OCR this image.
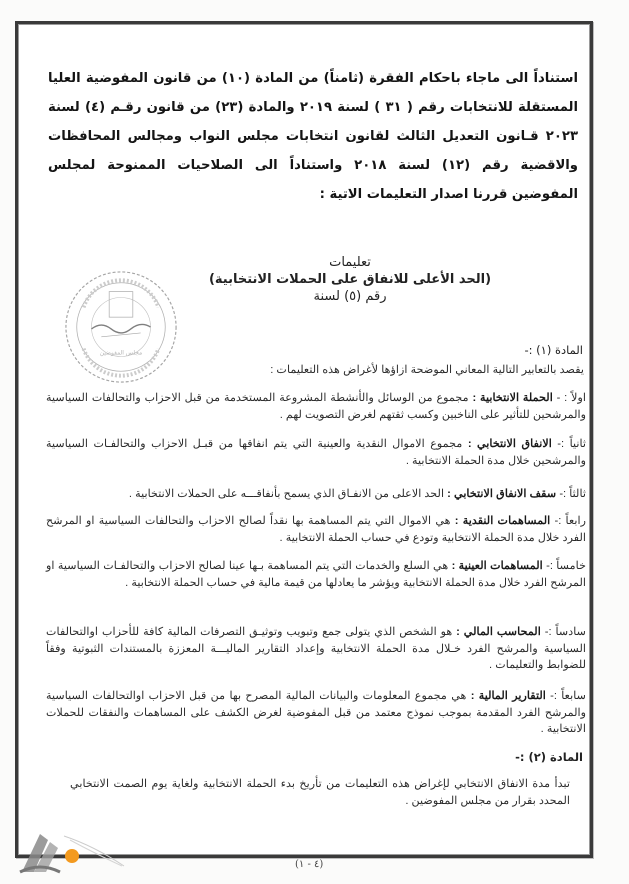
استناداً الى ماجاء باحكام الفقرة (ثامناً) من المادة (١٠) من قانون المفوضية العليا المستقلة للانتخابات رقم ( ٣١ ) لسنة ٢٠١٩ والمادة (٢٣) من قانون رقـم (٤) لسنة ٢٠٢٣ قـانون التعديل الثالث لقانون انتخابات مجلس النواب ومجالس المحافظات والاقضية رقم (١٢) لسنة ٢٠١٨ واستناداً الى الصلاحيات الممنوحة لمجلس المفوضين قررنا اصدار التعليمات الاتية :
مجلس المفوضين
تعليمات
(الحد الأعلى للانفاق على الحملات الانتخابية)
رقم (٥) لسنة
المادة (١) :-
يقصد بالتعابير التالية المعاني الموضحة ازاؤها لأغراض هذه التعليمات :
اولاً : - الحملة الانتخابية : مجموع من الوسائل والأنشطة المشروعة المستخدمة من قبل الاحزاب والتحالفات السياسية والمرشحين للتأثير على الناخبين وكسب ثقتهم لغرض التصويت لهم .
ثانياً :- الانفاق الانتخابي : مجموع الاموال النقدية والعينية التي يتم انفاقها من قبـل الاحزاب والتحالفـات السياسية والمرشحين خلال مدة الحملة الانتخابية .
ثالثاً :- سقف الانفاق الانتخابي : الحد الاعلى من الانفـاق الذي يسمح بأنفاقـــه على الحملات الانتخابية .
رابعاً :- المساهمات النقدية : هي الاموال التي يتم المساهمة بها نقداً لصالح الاحزاب والتحالفات السياسية او المرشح الفرد خلال مدة الحملة الانتخابية وتودع في حساب الحملة الانتخابية .
خامساً :- المساهمات العينية : هي السلع والخدمات التي يتم المساهمة بـها عينا لصالح الاحزاب والتحالفـات السياسية او المرشح الفرد خلال مدة الحملة الانتخابية ويؤشر ما يعادلها من قيمة مالية في حساب الحملة الانتخابية .
سادساً :- المحاسب المالي : هو الشخص الذي يتولى جمع وتبويب وتوثيـق التصرفات المالية كافة للأحزاب اوالتحالفات السياسية والمرشح الفرد خـلال مدة الحملة الانتخابية وإعداد التقارير الماليـــة المعززة بالمستندات الثبوتية وفقاً للضوابط والتعليمات .
سابعاً :- التقارير المالية : هي مجموع المعلومات والبيانات المالية المصرح بها من قبل الاحزاب اوالتحالفات السياسية والمرشح الفرد المقدمة بموجب نموذج معتمد من قبل المفوضية لغرض الكشف على المساهمات والنفقات للحملات الانتخابية .
المادة (٢) :-
تبدأ مدة الانفاق الانتخابي لإغراض هذه التعليمات من تأريخ بدء الحملة الانتخابية ولغاية يوم الصمت الانتخابي المحدد بقرار من مجلس المفوضين .
(٤ - ١)
